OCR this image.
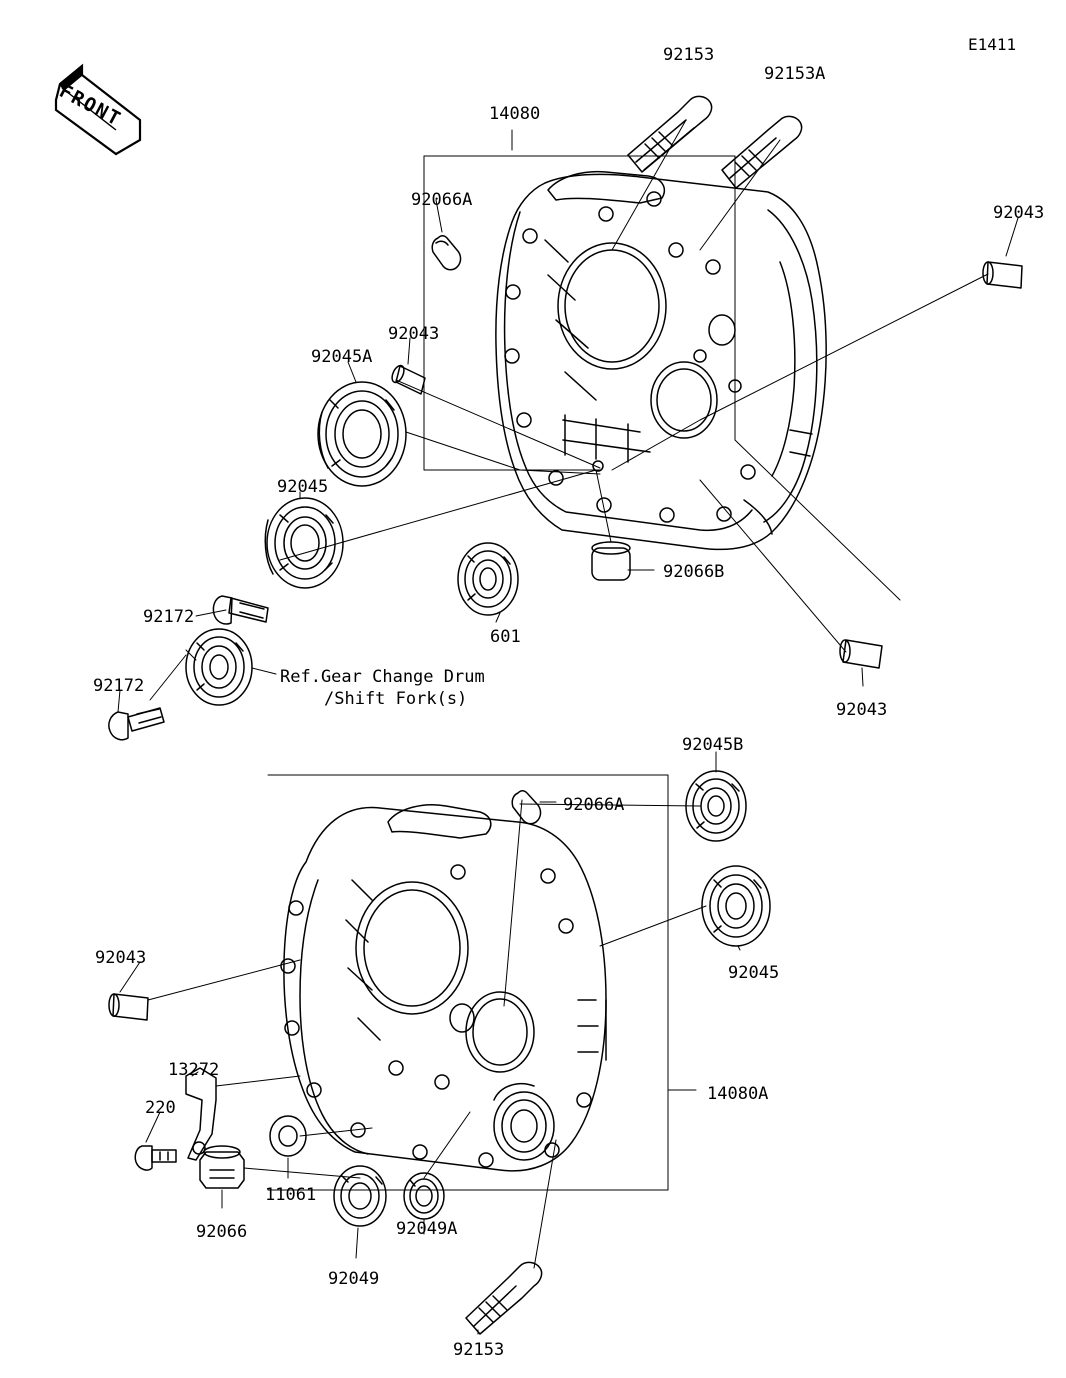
E1411
FRONT
92153
92153A
14080
92066A
92043
92043
92045A
92045
92066B
92172
601
92043
92172
92045B
92066A
92045
92043
13272
14080A
220
11061
92066	92049A
92049
92153
Ref.Gear Change Drum
/Shift Fork(s)
